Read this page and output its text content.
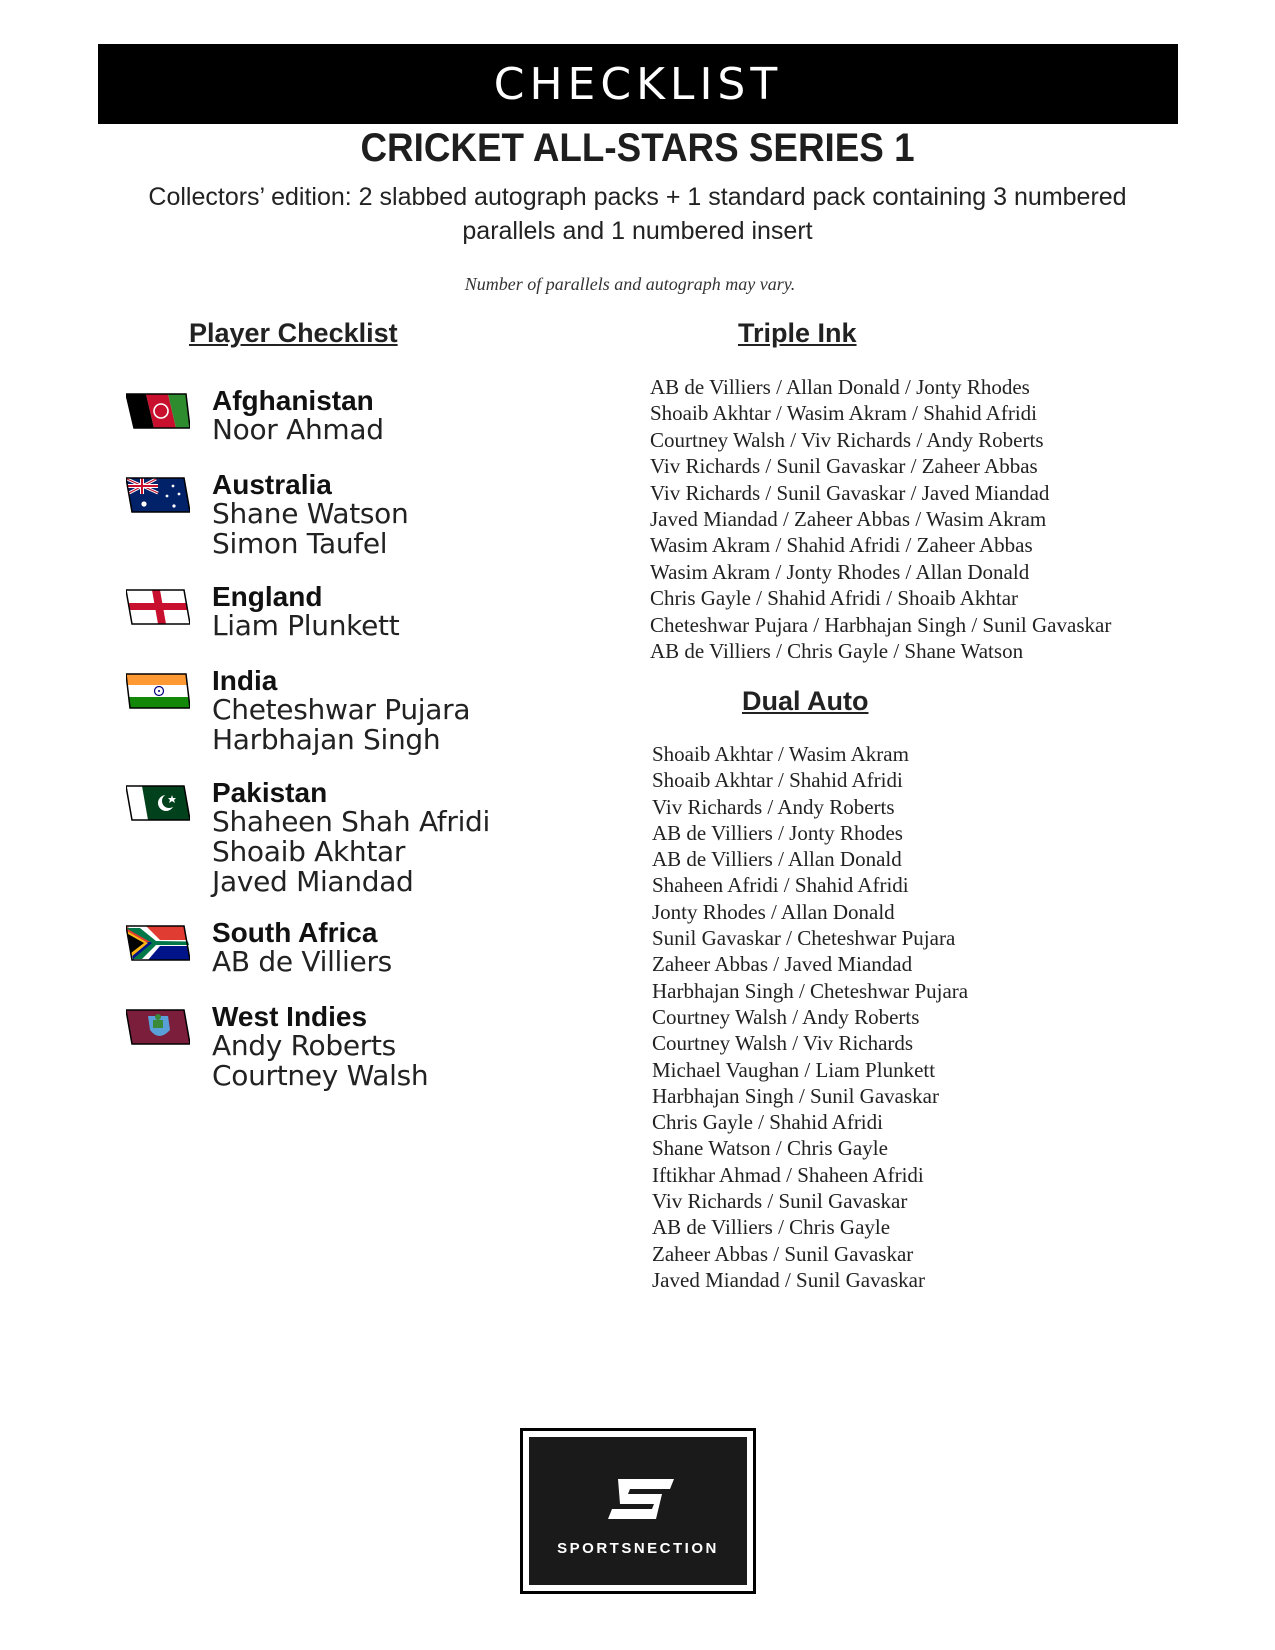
CHECKLIST
CRICKET ALL-STARS SERIES 1
Collectors’ edition: 2 slabbed autograph packs + 1 standard pack containing 3 numbered parallels and 1 numbered insert
Number of parallels and autograph may vary.
Player Checklist
Afghanistan
Noor Ahmad
Australia
Shane Watson
Simon Taufel
England
Liam Plunkett
India
Cheteshwar Pujara
Harbhajan Singh
Pakistan
Shaheen Shah Afridi
Shoaib Akhtar
Javed Miandad
South Africa
AB de Villiers
West Indies
Andy Roberts
Courtney Walsh
Triple Ink
AB de Villiers / Allan Donald / Jonty Rhodes
Shoaib Akhtar / Wasim Akram / Shahid Afridi
Courtney Walsh / Viv Richards / Andy Roberts
Viv Richards / Sunil Gavaskar / Zaheer Abbas
Viv Richards / Sunil Gavaskar / Javed Miandad
Javed Miandad / Zaheer Abbas / Wasim Akram
Wasim Akram / Shahid Afridi / Zaheer Abbas
Wasim Akram / Jonty Rhodes / Allan Donald
Chris Gayle / Shahid Afridi / Shoaib Akhtar
Cheteshwar Pujara / Harbhajan Singh / Sunil Gavaskar
AB de Villiers / Chris Gayle / Shane Watson
Dual Auto
Shoaib Akhtar / Wasim Akram
Shoaib Akhtar / Shahid Afridi
Viv Richards / Andy Roberts
AB de Villiers / Jonty Rhodes
AB de Villiers / Allan Donald
Shaheen Afridi / Shahid Afridi
Jonty Rhodes / Allan Donald
Sunil Gavaskar / Cheteshwar Pujara
Zaheer Abbas / Javed Miandad
Harbhajan Singh / Cheteshwar Pujara
Courtney Walsh / Andy Roberts
Courtney Walsh / Viv Richards
Michael Vaughan / Liam Plunkett
Harbhajan Singh / Sunil Gavaskar
Chris Gayle / Shahid Afridi
Shane Watson / Chris Gayle
Iftikhar Ahmad / Shaheen Afridi
Viv Richards / Sunil Gavaskar
AB de Villiers / Chris Gayle
Zaheer Abbas / Sunil Gavaskar
Javed Miandad / Sunil Gavaskar
SPORTSNECTION
